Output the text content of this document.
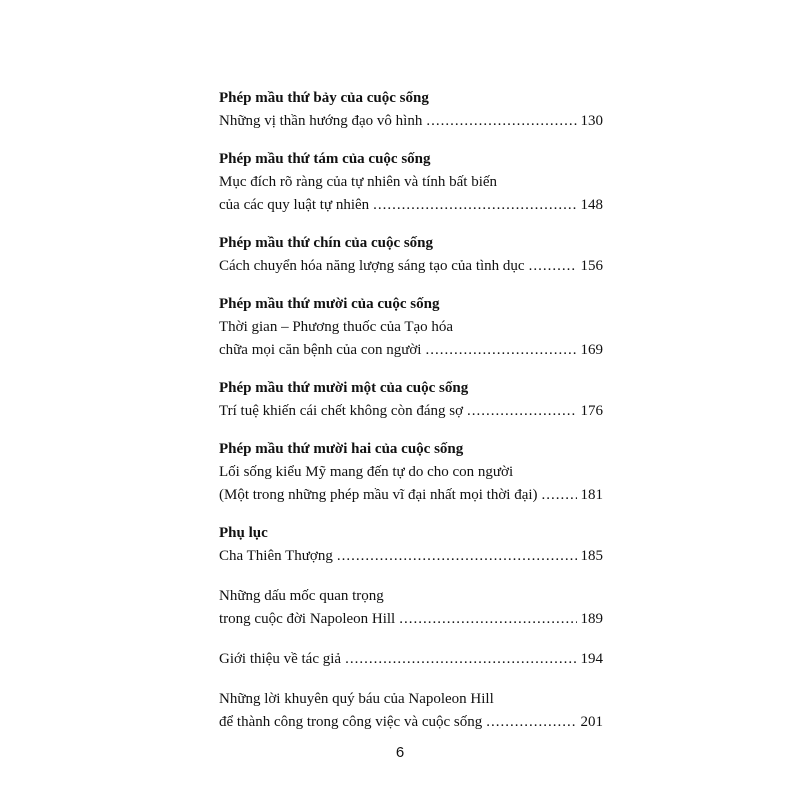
Phép mầu thứ bảy của cuộc sống
Những vị thần hướng đạo vô hình .....	130
Phép mầu thứ tám của cuộc sống
Mục đích rõ ràng của tự nhiên và tính bất biến
của các quy luật tự nhiên .....	148
Phép mầu thứ chín của cuộc sống
Cách chuyển hóa năng lượng sáng tạo của tình dục .....	156
Phép mầu thứ mười của cuộc sống
Thời gian – Phương thuốc của Tạo hóa
chữa mọi căn bệnh của con người .....	169
Phép mầu thứ mười một của cuộc sống
Trí tuệ khiến cái chết không còn đáng sợ .....	176
Phép mầu thứ mười hai của cuộc sống
Lối sống kiểu Mỹ mang đến tự do cho con người
(Một trong những phép mầu vĩ đại nhất mọi thời đại) .....	181
Phụ lục
Cha Thiên Thượng .....	185
Những dấu mốc quan trọng
trong cuộc đời Napoleon Hill .....	189
Giới thiệu về tác giả .....	194
Những lời khuyên quý báu của Napoleon Hill
để thành công trong công việc và cuộc sống .....	201
6
